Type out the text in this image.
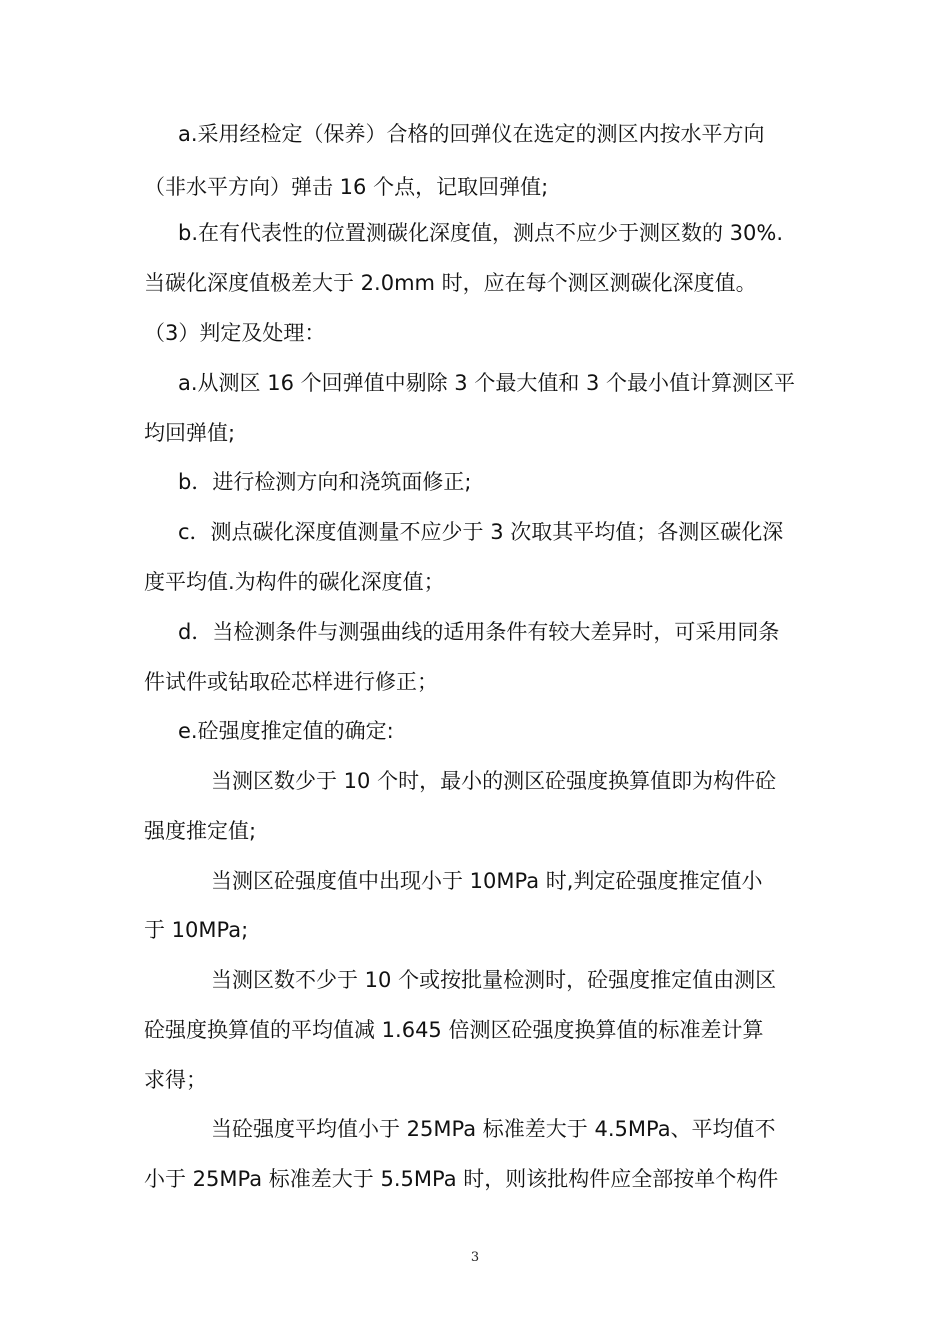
a.采用经检定（保养）合格的回弹仪在选定的测区内按水平方向
（非水平方向）弹击 16 个点，记取回弹值;
b.在有代表性的位置测碳化深度值，测点不应少于测区数的 30%.
当碳化深度值极差大于 2.0mm 时，应在每个测区测碳化深度值。
（3）判定及处理：
a.从测区 16 个回弹值中剔除 3 个最大值和 3 个最小值计算测区平
均回弹值;
b．进行检测方向和浇筑面修正;
c．测点碳化深度值测量不应少于 3 次取其平均值；各测区碳化深
度平均值.为构件的碳化深度值；
d．当检测条件与测强曲线的适用条件有较大差异时，可采用同条
件试件或钻取砼芯样进行修正；
e.砼强度推定值的确定:
当测区数少于 10 个时，最小的测区砼强度换算值即为构件砼
强度推定值;
当测区砼强度值中出现小于 10MPa 时,判定砼强度推定值小
于 10MPa;
当测区数不少于 10 个或按批量检测时，砼强度推定值由测区
砼强度换算值的平均值减 1.645 倍测区砼强度换算值的标准差计算
求得；
当砼强度平均值小于 25MPa 标准差大于 4.5MPa、平均值不
小于 25MPa 标准差大于 5.5MPa 时，则该批构件应全部按单个构件
3
